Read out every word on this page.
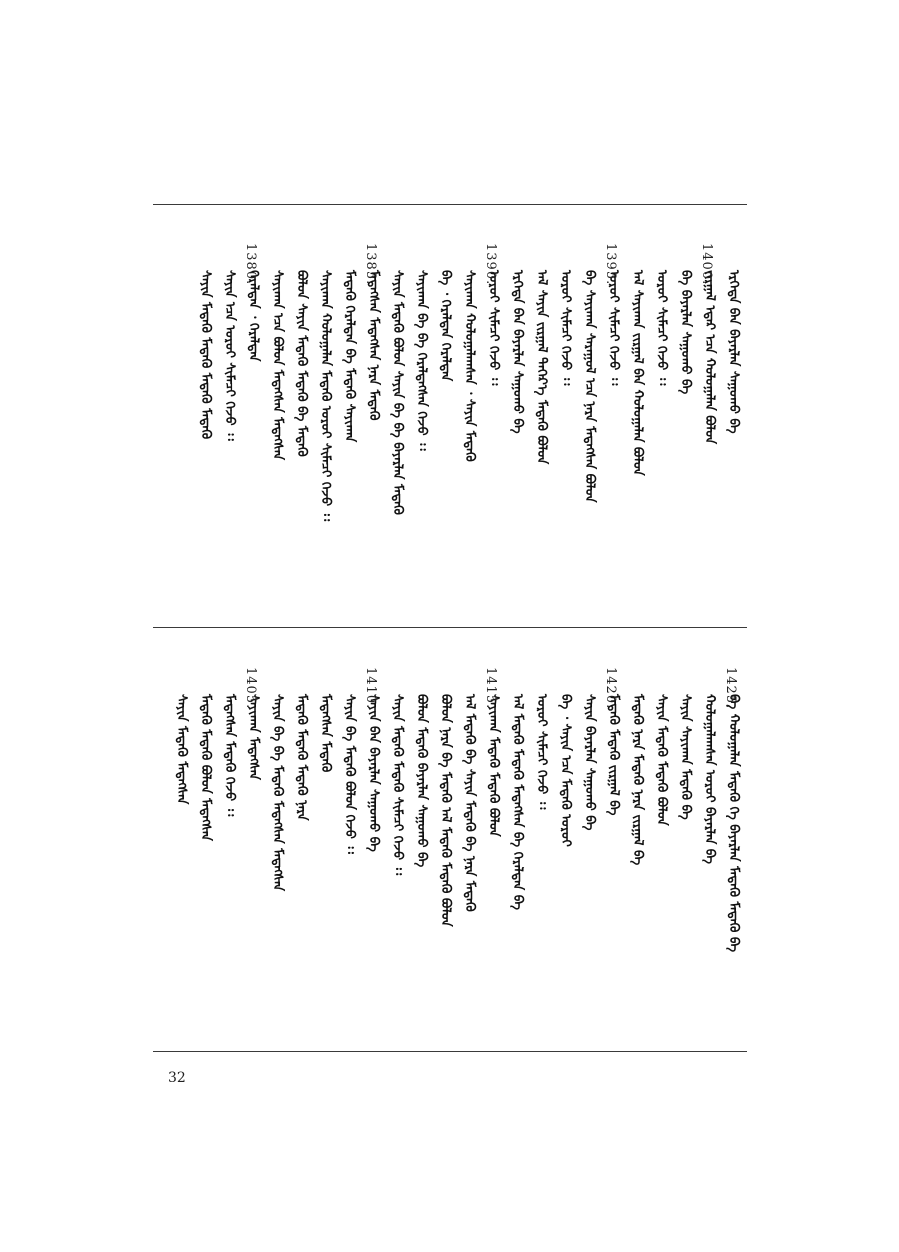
ᠡᠷᠬᠡᠳᠡ ᠪᠡᠨ ᠪᠠᠶᠠᠷᠯᠠᠨ ᠰᠠᠭᠤᠬᠤ ᠪᠠ
ᠵᠢᠷᠭᠠᠯ ᠡᠳᠡᠷ ᠡᠴᠡ ᠬᠤᠯᠤᠭᠠᠯᠠᠨ ᠪᠣᠯᠤᠨ
1400.
ᠪᠠ ᠪᠠᠶᠠᠷᠯᠠᠨ ᠰᠠᠭᠤᠬᠤ ᠪᠠ
ᠣᠷᠣᠢ ᠰᠢᠮᠡᠴᠢ ᠭᠡᠵᠦ ᠄᠄
ᠠᠯ ᠰᠠᠶᠢᠬᠠᠨ ᠵᠢᠷᠭᠠᠯ ᠪᠡᠨ ᠬᠤᠯᠤᠭᠠᠯᠠᠨ ᠪᠣᠯᠤᠨ
ᠣᠷᠣᠢ ᠰᠢᠮᠡᠴᠢ ᠭᠡᠵᠦ ᠄᠄
1395.
ᠪᠠ ᠰᠠᠶᠢᠬᠠᠨ ᠰᠠᠷᠠᠭᠤᠯ ᠡᠴᠡ ᠨᠠᠷᠠ ᠮᠡᠳᠡᠭᠰᠡᠨ ᠪᠣᠯᠤᠨ
ᠣᠷᠣᠢ ᠰᠢᠮᠡᠴᠢ ᠭᠡᠵᠦ ᠄᠄
ᠠᠯ ᠰᠠᠶᠢᠨ ᠵᠢᠷᠭᠠᠯ ᠳᠡᠭᠡᠷ᠎ᠡ ᠮᠡᠳᠡᠬᠦ ᠪᠣᠯᠤᠨ
ᠡᠷᠬᠡᠳᠡ ᠪᠡᠨ ᠪᠠᠶᠠᠷᠯᠠᠨ ᠰᠠᠭᠤᠬᠤ ᠪᠠ
ᠣᠷᠣᠢ ᠰᠢᠮᠡᠴᠢ ᠭᠡᠵᠦ ᠄᠄
1390.
ᠰᠠᠶᠢᠬᠠᠨ ᠬᠤᠯᠤᠭᠠᠯᠠᠭᠰᠠᠨ ᠂ ᠰᠠᠶᠢᠨ ᠮᠡᠳᠡᠬᠦ
ᠪᠠ ᠂ ᠭᠡᠷᠡᠯᠳᠡᠨ ᠭᠡᠷᠡᠯᠳᠡᠨ
ᠰᠠᠶᠢᠬᠠᠨ ᠪᠠ ᠪᠠ ᠭᠡᠷᠡᠯᠳᠡᠭᠰᠡᠨ ᠭᠡᠵᠦ ᠄᠄
ᠰᠠᠶᠢᠨ ᠮᠡᠳᠡᠬᠦ ᠪᠣᠯᠤᠨ ᠰᠠᠶᠢᠨ ᠪᠠ ᠪᠠ ᠪᠠᠶᠠᠷᠯᠠᠨ ᠮᠡᠳᠡᠬᠦ
ᠮᠡᠳᠡᠭᠰᠡᠨ ᠮᠡᠳᠡᠭᠰᠡᠨ ᠨᠠᠷᠠ ᠮᠡᠳᠡᠬᠦ
1385.
ᠮᠡᠳᠡᠬᠦ ᠭᠡᠷᠡᠯᠳᠡᠨ ᠪᠠ ᠮᠡᠳᠡᠬᠦ ᠰᠠᠶᠢᠬᠠᠨ
ᠰᠠᠶᠢᠬᠠᠨ ᠬᠤᠯᠤᠭᠠᠯᠠᠨ ᠮᠡᠳᠡᠬᠦ ᠣᠷᠣᠢ ᠰᠢᠮᠡᠴᠢ ᠭᠡᠵᠦ ᠄᠄
ᠪᠣᠯᠤᠨ ᠰᠠᠶᠢᠨ ᠮᠡᠳᠡᠬᠦ ᠮᠡᠳᠡᠬᠦ ᠪᠠ ᠮᠡᠳᠡᠬᠦ
ᠰᠠᠶᠢᠬᠠᠨ ᠡᠴᠡ ᠪᠣᠯᠤᠨ ᠮᠡᠳᠡᠭᠰᠡᠨ ᠮᠡᠳᠡᠭᠰᠡᠨ
ᠭᠡᠷᠡᠯᠳᠡᠨ ᠂ ᠭᠡᠷᠡᠯᠳᠡᠨ
1380.
ᠰᠠᠶᠢᠨ ᠡᠴᠡ ᠣᠷᠣᠢ ᠰᠢᠮᠡᠴᠢ ᠭᠡᠵᠦ ᠄᠄
ᠰᠠᠶᠢᠨ ᠮᠡᠳᠡᠬᠦ ᠮᠡᠳᠡᠬᠦ ᠮᠡᠳᠡᠬᠦ ᠮᠡᠳᠡᠬᠦ
ᠪᠠ ᠬᠤᠯᠤᠭᠠᠯᠠᠨ ᠮᠡᠳᠡᠬᠦ ᠬᠡ ᠪᠠᠶᠠᠷᠯᠠᠨ ᠮᠡᠳᠡᠬᠦ ᠮᠡᠳᠡᠬᠦ ᠪᠡ
1425.
ᠬᠤᠯᠤᠭᠠᠯᠠᠭᠰᠠᠨ ᠣᠷᠣᠢ ᠪᠠᠶᠠᠷᠯᠠᠨ ᠪᠡ
ᠰᠠᠶᠢᠨ ᠰᠠᠶᠢᠬᠠᠨ ᠮᠡᠳᠡᠬᠦ ᠪᠡ
ᠰᠠᠶᠢᠨ ᠮᠡᠳᠡᠬᠦ ᠮᠡᠳᠡᠬᠦ ᠪᠣᠯᠤᠨ
ᠮᠡᠳᠡᠬᠦ ᠨᠠᠷᠠ ᠮᠡᠳᠡᠬᠦ ᠨᠠᠷᠠ ᠵᠢᠷᠭᠠᠯ ᠪᠡ
ᠮᠡᠳᠡᠬᠦ ᠮᠡᠳᠡᠬᠦ ᠵᠢᠷᠭᠠᠯ ᠪᠡ
1420.
ᠰᠠᠶᠢᠨ ᠪᠠᠶᠠᠷᠯᠠᠨ ᠰᠠᠭᠤᠬᠤ ᠪᠠ
ᠪᠠ ᠂ ᠰᠠᠶᠢᠨ ᠡᠴᠡ ᠮᠡᠳᠡᠬᠦ ᠣᠷᠣᠢ
ᠣᠷᠣᠢ ᠰᠢᠮᠡᠴᠢ ᠭᠡᠵᠦ ᠄᠄
ᠠᠯ ᠮᠡᠳᠡᠬᠦ ᠮᠡᠳᠡᠬᠦ ᠮᠡᠳᠡᠭᠰᠡᠨ ᠪᠠ ᠭᠡᠷᠡᠯᠳᠡᠨ ᠪᠡ
ᠰᠠᠶᠢᠬᠠᠨ ᠮᠡᠳᠡᠬᠦ ᠮᠡᠳᠡᠬᠦ ᠪᠣᠯᠤᠨ
1415.
ᠠᠯ ᠮᠡᠳᠡᠬᠦ ᠪᠠ ᠰᠠᠶᠢᠨ ᠮᠡᠳᠡᠬᠦ ᠪᠠ ᠨᠠᠷᠠ ᠮᠡᠳᠡᠬᠦ
ᠪᠣᠯᠤᠨ ᠨᠠᠷᠠ ᠪᠡ ᠮᠡᠳᠡᠬᠦ ᠠᠯ ᠮᠡᠳᠡᠬᠦ ᠮᠡᠳᠡᠬᠦ ᠪᠣᠯᠤᠨ
ᠪᠣᠯᠤᠨ ᠮᠡᠳᠡᠬᠦ ᠪᠠᠶᠠᠷᠯᠠᠨ ᠰᠠᠭᠤᠬᠤ ᠪᠠ
ᠰᠠᠶᠢᠨ ᠮᠡᠳᠡᠬᠦ ᠮᠡᠳᠡᠬᠦ ᠰᠢᠮᠡᠴᠢ ᠭᠡᠵᠦ ᠄᠄
ᠰᠠᠶᠢᠨ ᠪᠡᠨ ᠪᠠᠶᠠᠷᠯᠠᠨ ᠰᠠᠭᠤᠬᠤ ᠪᠠ
1410.
ᠰᠠᠶᠢᠨ ᠪᠠ ᠮᠡᠳᠡᠬᠦ ᠪᠣᠯᠤᠨ ᠭᠡᠵᠦ ᠄᠄
ᠮᠡᠳᠡᠭᠰᠡᠨ ᠮᠡᠳᠡᠬᠦ
ᠮᠡᠳᠡᠬᠦ ᠮᠡᠳᠡᠬᠦ ᠮᠡᠳᠡᠬᠦ ᠨᠠᠷᠠ
ᠰᠠᠶᠢᠨ ᠪᠠ ᠪᠠ ᠮᠡᠳᠡᠬᠦ ᠮᠡᠳᠡᠭᠰᠡᠨ ᠮᠡᠳᠡᠭᠰᠡᠨ
ᠰᠠᠶᠢᠬᠠᠨ ᠮᠡᠳᠡᠭᠰᠡᠨ
1405.
ᠮᠡᠳᠡᠭᠰᠡᠨ ᠮᠡᠳᠡᠬᠦ ᠭᠡᠵᠦ ᠄᠄
ᠮᠡᠳᠡᠬᠦ ᠮᠡᠳᠡᠬᠦ ᠪᠣᠯᠤᠨ ᠮᠡᠳᠡᠭᠰᠡᠨ
ᠰᠠᠶᠢᠨ ᠮᠡᠳᠡᠬᠦ ᠮᠡᠳᠡᠭᠰᠡᠨ
32
